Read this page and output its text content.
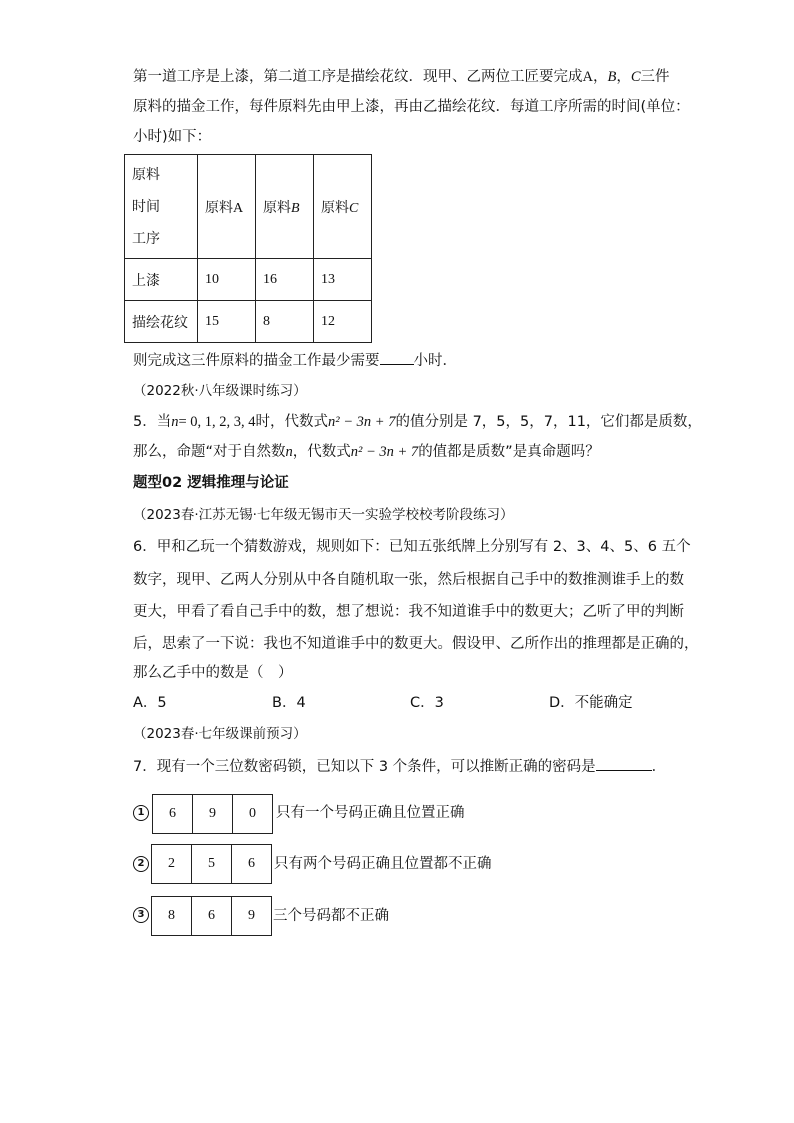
第一道工序是上漆，第二道工序是描绘花纹．现甲、乙两位工匠要完成A，B，C三件
原料的描金工作，每件原料先由甲上漆，再由乙描绘花纹．每道工序所需的时间(单位：
小时)如下：
原料
时间
工序	原料A	原料B	原料C
上漆	10	16	13
描绘花纹	15	8	12
则完成这三件原料的描金工作最少需要 小时．
（2022秋·八年级课时练习）
5．当n= 0, 1, 2, 3, 4时，代数式n² − 3n + 7的值分别是 7，5，5，7，11，它们都是质数，
那么，命题“对于自然数n，代数式n² − 3n + 7的值都是质数”是真命题吗？
题型02 逻辑推理与论证
（2023春·江苏无锡·七年级无锡市天一实验学校校考阶段练习）
6．甲和乙玩一个猜数游戏，规则如下：已知五张纸牌上分别写有 2、3、4、5、6 五个
数字，现甲、乙两人分别从中各自随机取一张，然后根据自己手中的数推测谁手上的数
更大，甲看了看自己手中的数，想了想说：我不知道谁手中的数更大；乙听了甲的判断
后，思索了一下说：我也不知道谁手中的数更大。假设甲、乙所作出的推理都是正确的，
那么乙手中的数是（　）
A．5	B．4	C．3	D．不能确定
（2023春·七年级课前预习）
7．现有一个三位数密码锁，已知以下 3 个条件，可以推断正确的密码是	．
1	6	9	0	只有一个号码正确且位置正确
2	2	5	6	只有两个号码正确且位置都不正确
3	8	6	9	三个号码都不正确
